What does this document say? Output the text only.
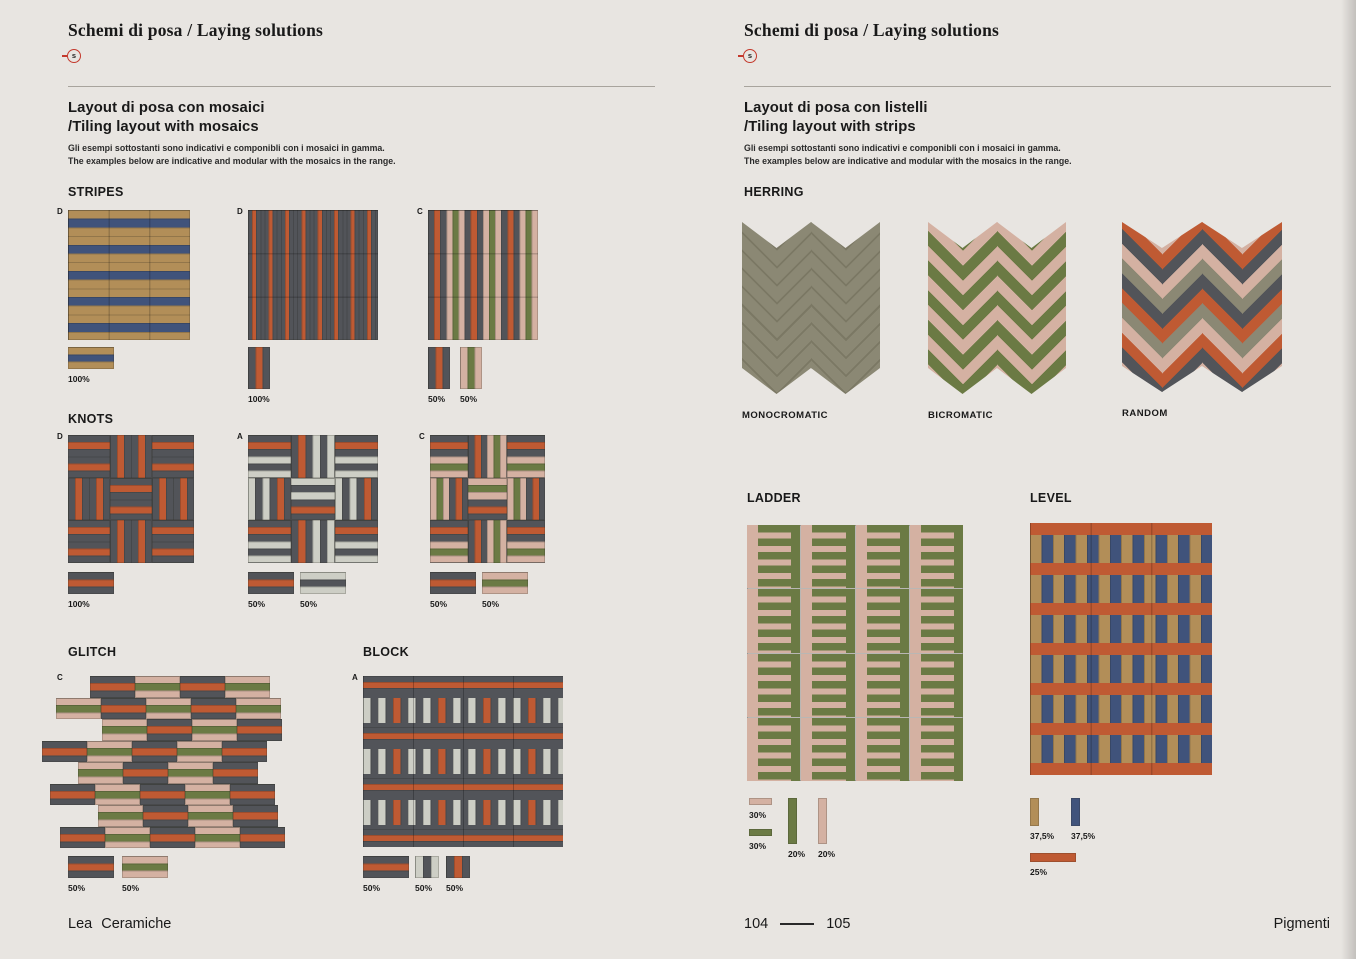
Schemi di posa / Laying solutions
s
Layout di posa con mosaici
/Tiling layout with mosaics
Gli esempi sottostanti sono indicativi e componibli con i mosaici in gamma.
The examples below are indicative and modular with the mosaics in the range.
STRIPES
D
100%
D
100%
C
50%	50%
KNOTS
D
100%
A
50%	50%
C
50%	50%
GLITCH
C
50%	50%
BLOCK
A
50%	50%	50%
Lea Ceramiche
Schemi di posa / Laying solutions
s
Layout di posa con listelli
/Tiling layout with strips
Gli esempi sottostanti sono indicativi e componibli con i mosaici in gamma.
The examples below are indicative and modular with the mosaics in the range.
HERRING
MONOCROMATIC	BICROMATIC	RANDOM
LADDER
30%
30%
20% 20%
LEVEL
37,5% 37,5%
25%
104	105	Pigmenti
